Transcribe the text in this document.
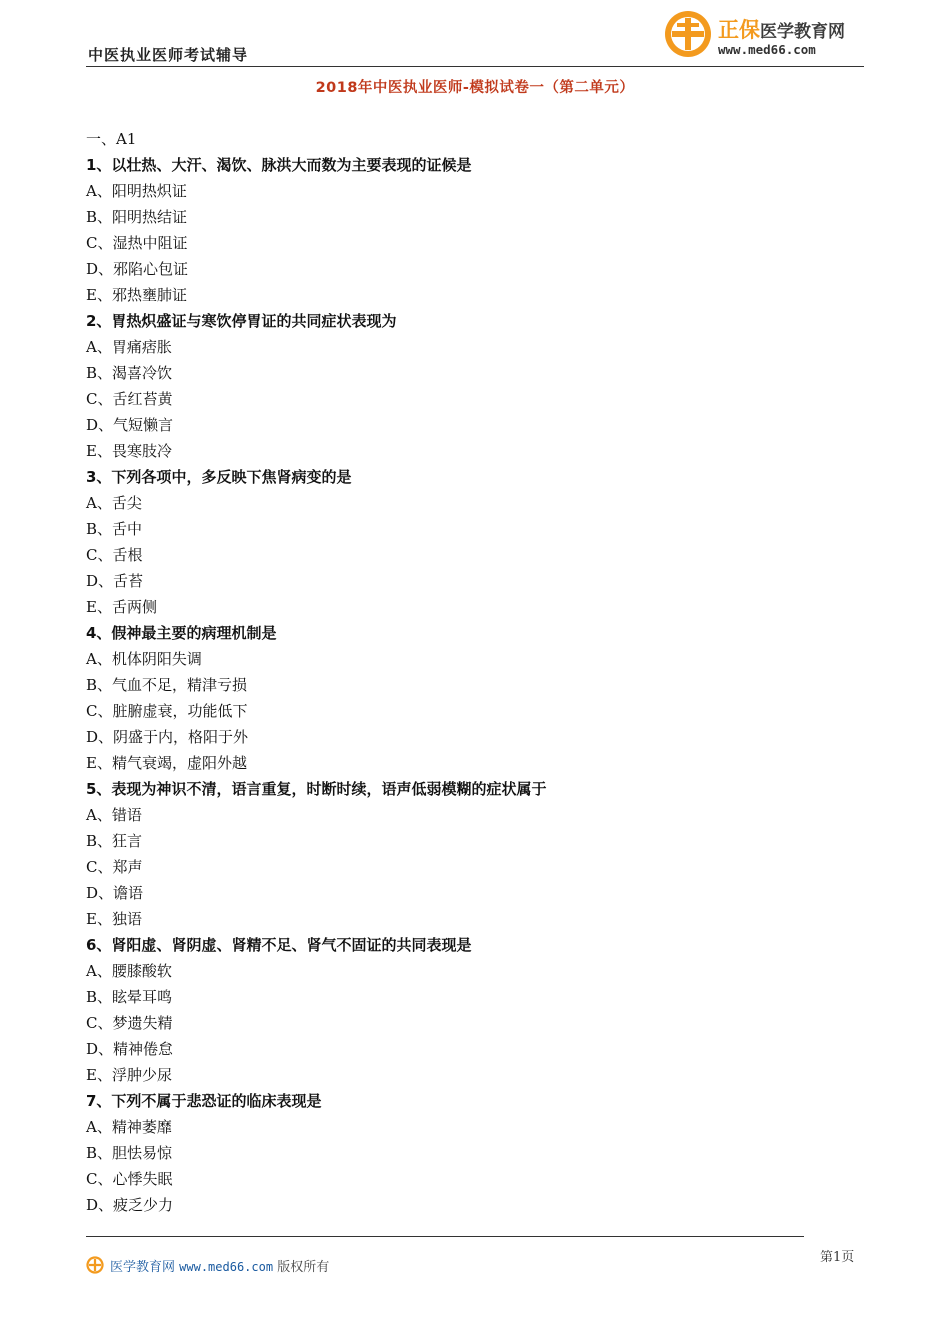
中医执业医师考试辅导
正保医学教育网
www.med66.com
2018年中医执业医师-模拟试卷一（第二单元）
一、A1
1、以壮热、大汗、渴饮、脉洪大而数为主要表现的证候是
A、阳明热炽证
B、阳明热结证
C、湿热中阻证
D、邪陷心包证
E、邪热壅肺证
2、胃热炽盛证与寒饮停胃证的共同症状表现为
A、胃痛痞胀
B、渴喜冷饮
C、舌红苔黄
D、气短懒言
E、畏寒肢冷
3、下列各项中，多反映下焦肾病变的是
A、舌尖
B、舌中
C、舌根
D、舌苔
E、舌两侧
4、假神最主要的病理机制是
A、机体阴阳失调
B、气血不足，精津亏损
C、脏腑虚衰，功能低下
D、阴盛于内，格阳于外
E、精气衰竭，虚阳外越
5、表现为神识不清，语言重复，时断时续，语声低弱模糊的症状属于
A、错语
B、狂言
C、郑声
D、谵语
E、独语
6、肾阳虚、肾阴虚、肾精不足、肾气不固证的共同表现是
A、腰膝酸软
B、眩晕耳鸣
C、梦遗失精
D、精神倦怠
E、浮肿少尿
7、下列不属于悲恐证的临床表现是
A、精神萎靡
B、胆怯易惊
C、心悸失眠
D、疲乏少力
医学教育网 www.med66.com 版权所有
第1页
